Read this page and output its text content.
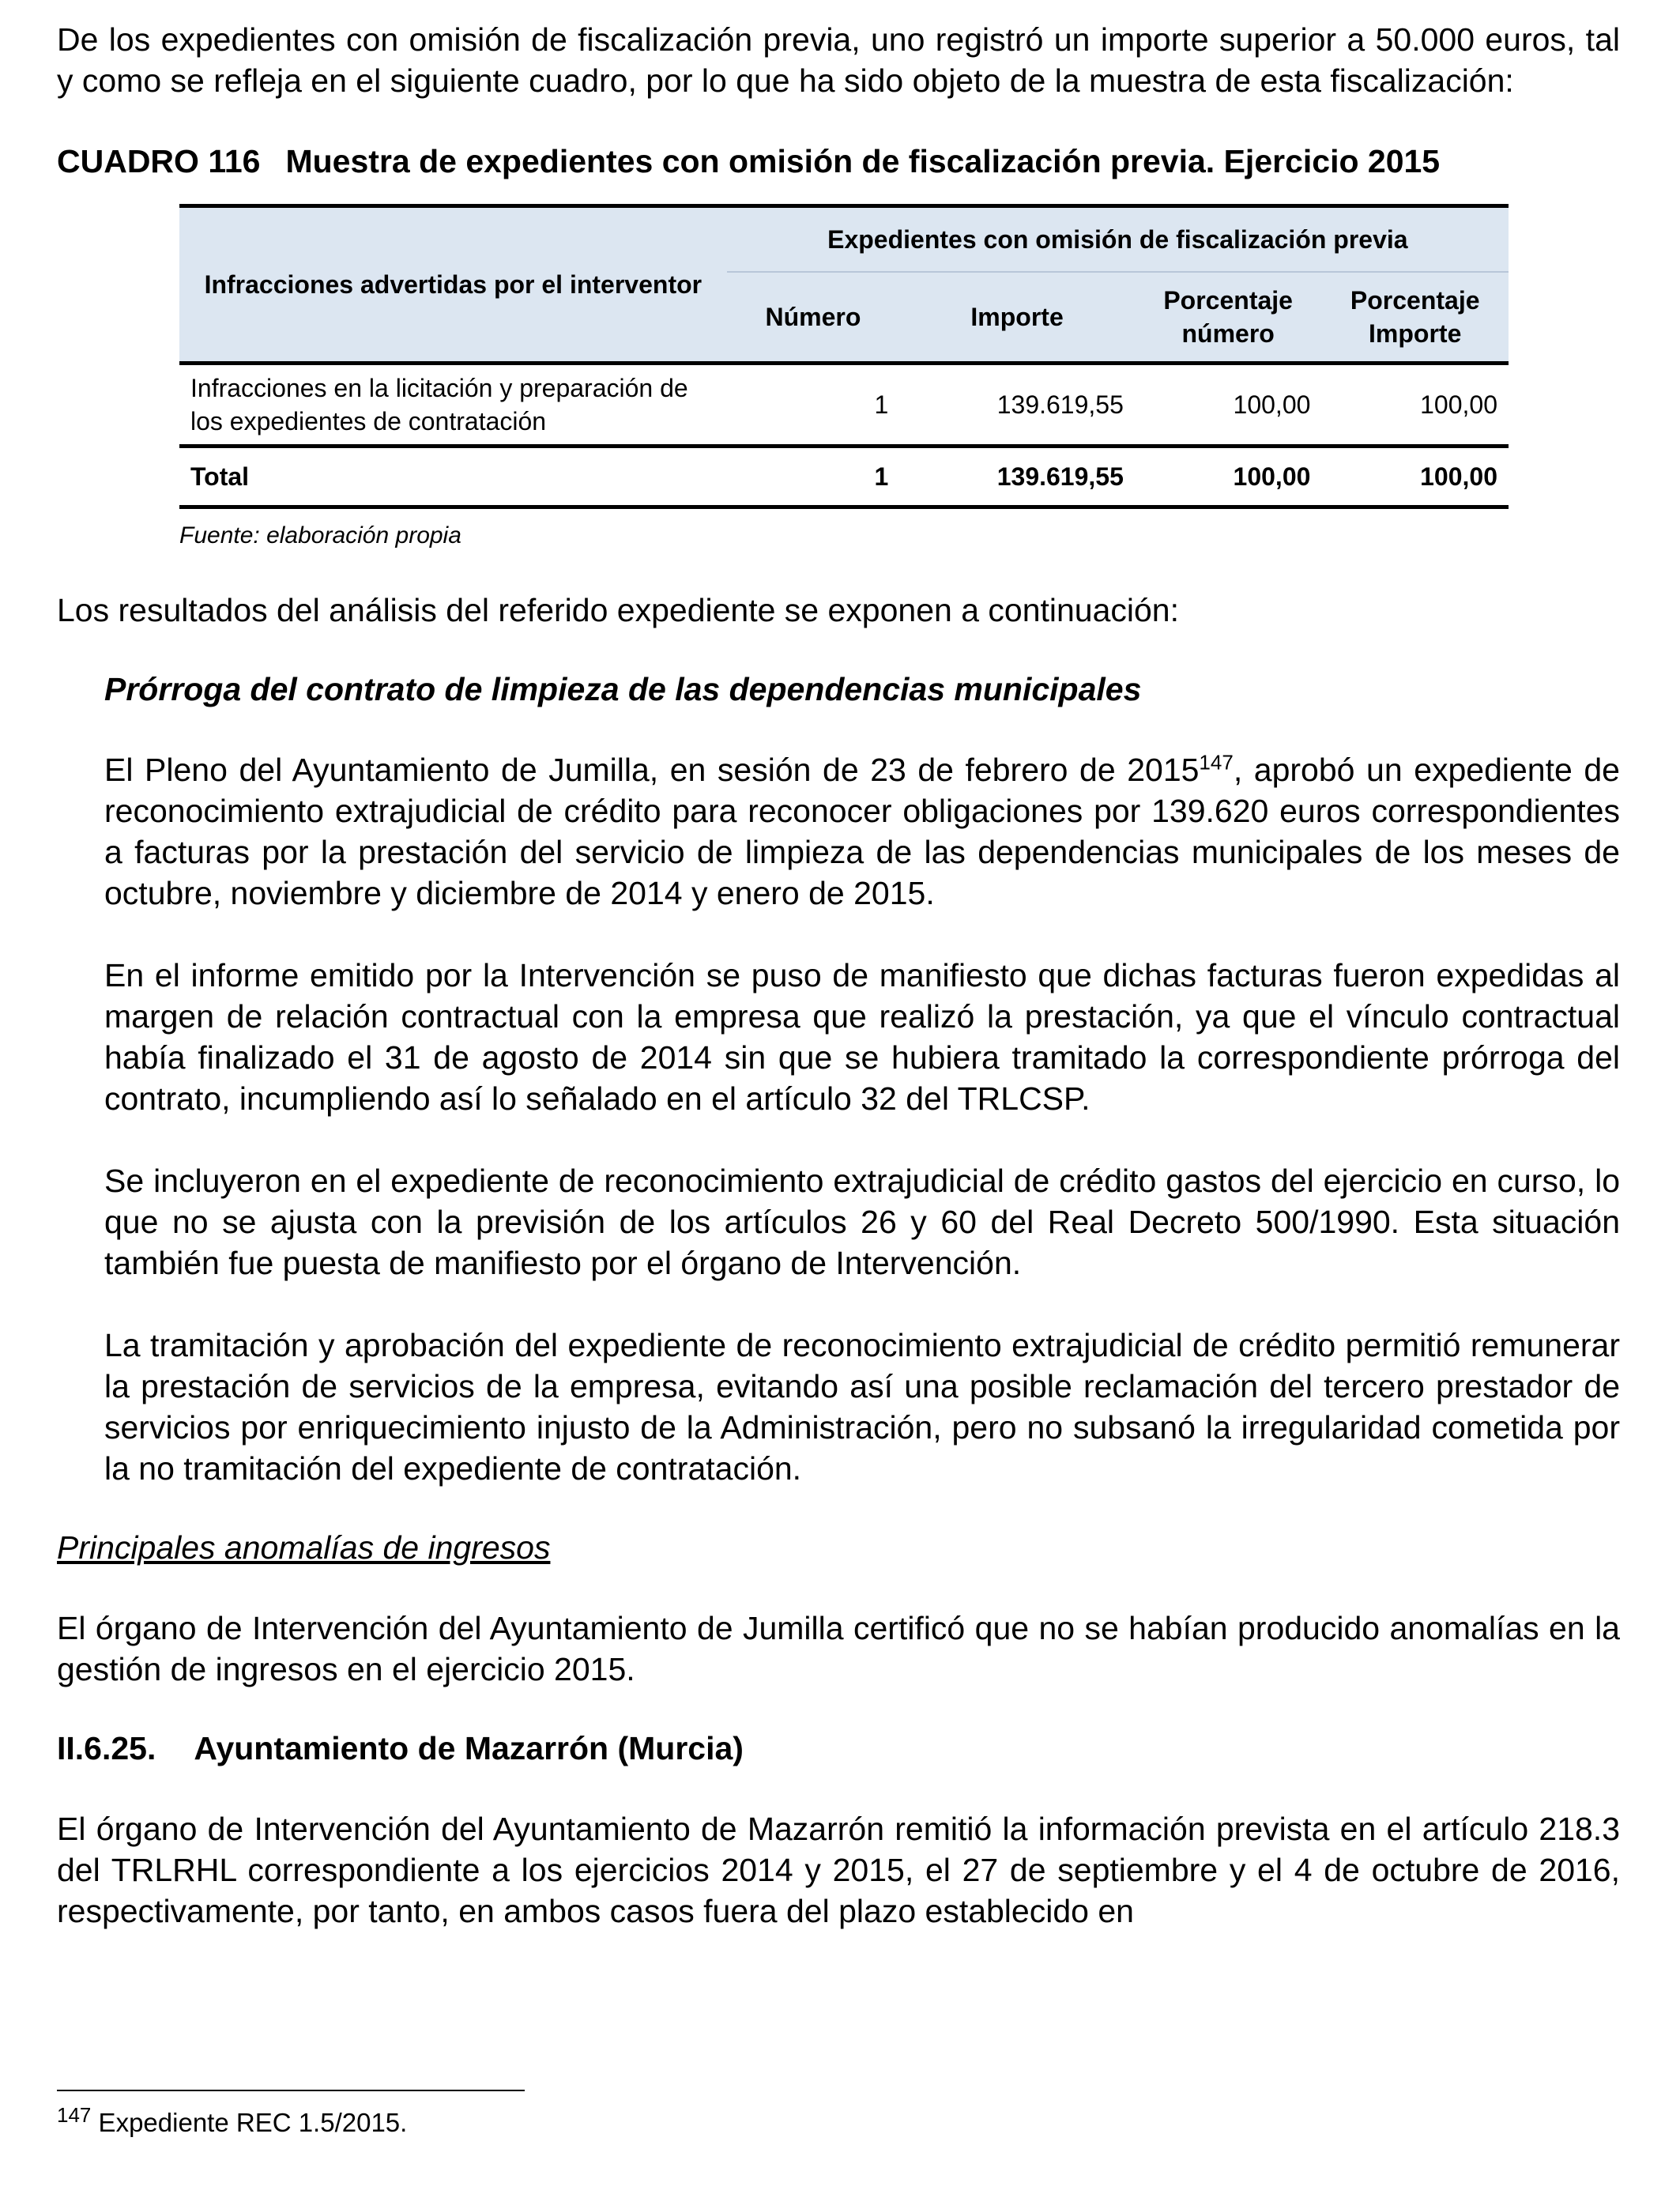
De los expedientes con omisión de fiscalización previa, uno registró un importe superior a 50.000 euros, tal y como se refleja en el siguiente cuadro, por lo que ha sido objeto de la muestra de esta fiscalización:

CUADRO 116 Muestra de expedientes con omisión de fiscalización previa. Ejercicio 2015
Infracciones advertidas por el interventor	Expedientes con omisión de fiscalización previa			
	Número	Importe	Porcentaje número	Porcentaje Importe
Infracciones en la licitación y preparación de los expedientes de contratación	1	139.619,55	100,00	100,00
Total	1	139.619,55	100,00	100,00
Fuente: elaboración propia

Los resultados del análisis del referido expediente se exponen a continuación:

Prórroga del contrato de limpieza de las dependencias municipales

El Pleno del Ayuntamiento de Jumilla, en sesión de 23 de febrero de 2015$^{147}$, aprobó un expediente de reconocimiento extrajudicial de crédito para reconocer obligaciones por 139.620 euros correspondientes a facturas por la prestación del servicio de limpieza de las dependencias municipales de los meses de octubre, noviembre y diciembre de 2014 y enero de 2015.

En el informe emitido por la Intervención se puso de manifiesto que dichas facturas fueron expedidas al margen de relación contractual con la empresa que realizó la prestación, ya que el vínculo contractual había finalizado el 31 de agosto de 2014 sin que se hubiera tramitado la correspondiente prórroga del contrato, incumpliendo así lo señalado en el artículo 32 del TRLCSP.

Se incluyeron en el expediente de reconocimiento extrajudicial de crédito gastos del ejercicio en curso, lo que no se ajusta con la previsión de los artículos 26 y 60 del Real Decreto 500/1990. Esta situación también fue puesta de manifiesto por el órgano de Intervención.

La tramitación y aprobación del expediente de reconocimiento extrajudicial de crédito permitió remunerar la prestación de servicios de la empresa, evitando así una posible reclamación del tercero prestador de servicios por enriquecimiento injusto de la Administración, pero no subsanó la irregularidad cometida por la no tramitación del expediente de contratación.

Principales anomalías de ingresos

El órgano de Intervención del Ayuntamiento de Jumilla certificó que no se habían producido anomalías en la gestión de ingresos en el ejercicio 2015.

II.6.25. Ayuntamiento de Mazarrón (Murcia)

El órgano de Intervención del Ayuntamiento de Mazarrón remitió la información prevista en el artículo 218.3 del TRLRHL correspondiente a los ejercicios 2014 y 2015, el 27 de septiembre y el 4 de octubre de 2016, respectivamente, por tanto, en ambos casos fuera del plazo establecido en

$^{147}$ Expediente REC 1.5/2015.
